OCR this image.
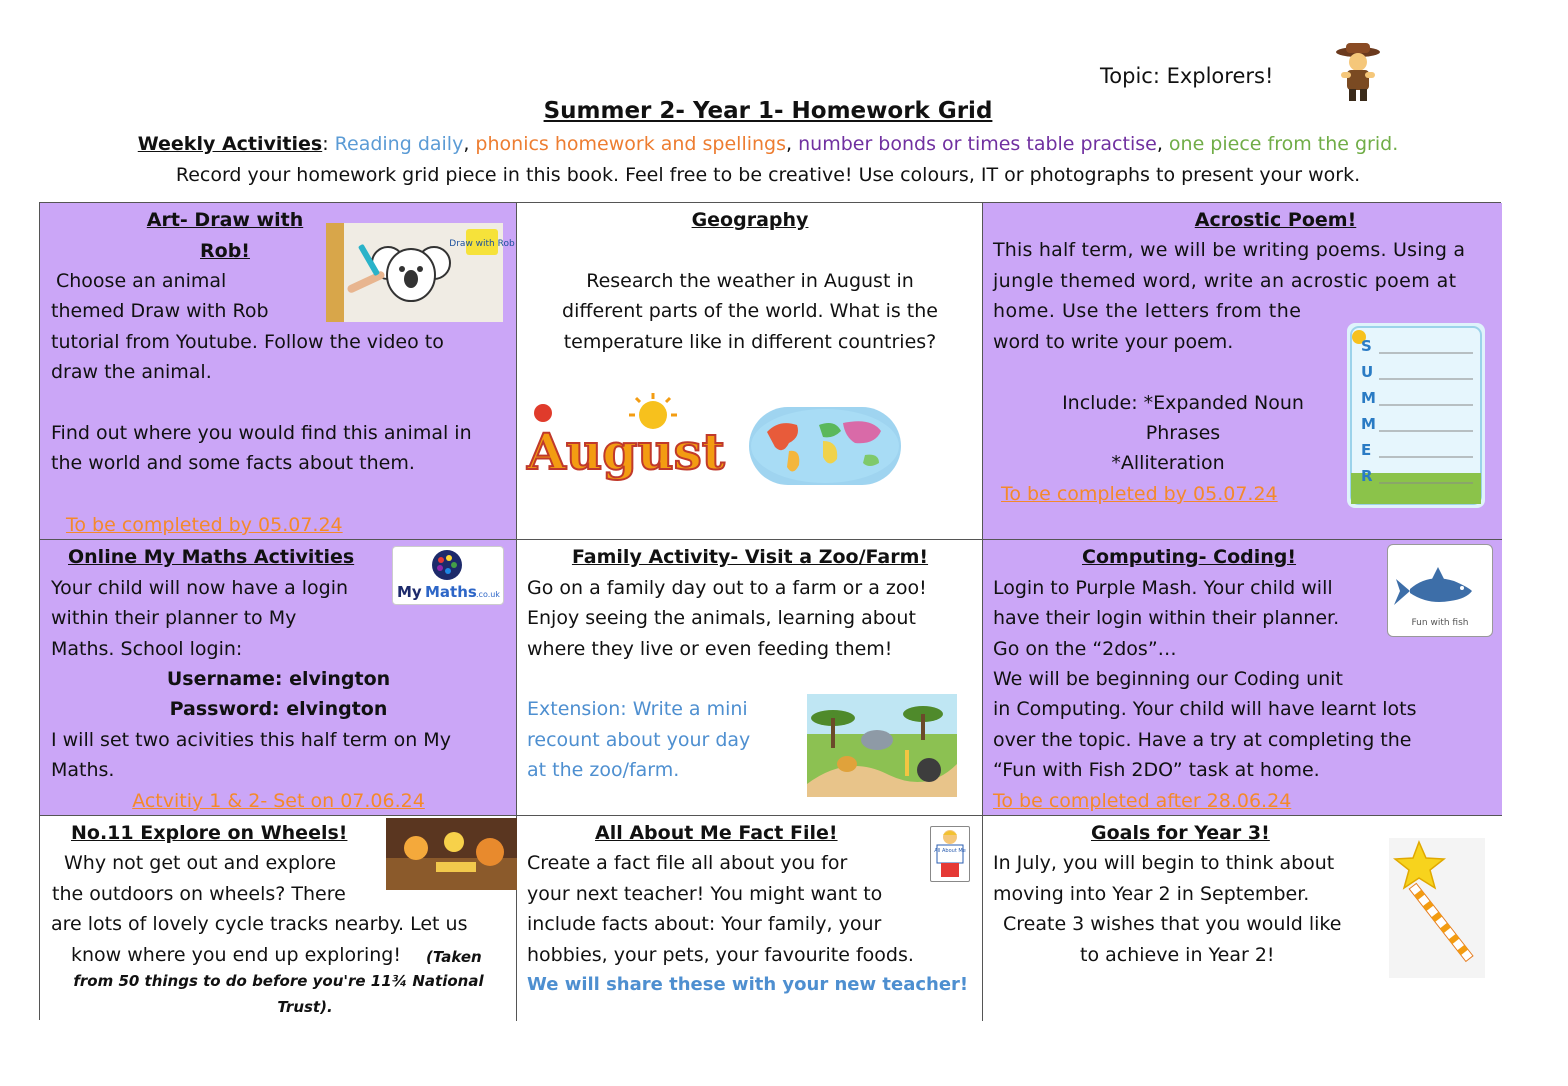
Topic: Explorers!
Summer 2- Year 1- Homework Grid
Weekly Activities: Reading daily, phonics homework and spellings, number bonds or times table practise, one piece from the grid.
Record your homework grid piece in this book. Feel free to be creative! Use colours, IT or photographs to present your work.
Art- Draw with
Rob!
Choose an animal
themed Draw with Rob
tutorial from Youtube. Follow the video to
draw the animal.
Find out where you would find this animal in
the world and some facts about them.
To be completed by 05.07.24
Draw with Rob
Geography
Research the weather in August in
different parts of the world. What is the
temperature like in different countries?
August
Acrostic Poem!
This half term, we will be writing poems. Using a
jungle themed word, write an acrostic poem at
home. Use the letters from the
word to write your poem.
Include: *Expanded Noun
Phrases
*Alliteration
To be completed by 05.07.24
S
U
M
M
E
R
Online My Maths Activities
Your child will now have a login
within their planner to My
Maths. School login:
Username: elvington
Password: elvington
I will set two acivities this half term on My
Maths.
Actvitiy 1 & 2- Set on 07.06.24
My Maths .co.uk
Family Activity- Visit a Zoo/Farm!
Go on a family day out to a farm or a zoo!
Enjoy seeing the animals, learning about
where they live or even feeding them!
Extension: Write a mini
recount about your day
at the zoo/farm.
Computing- Coding!
Login to Purple Mash. Your child will
have their login within their planner.
Go on the “2dos”…
We will be beginning our Coding unit
in Computing. Your child will have learnt lots
over the topic. Have a try at completing the
“Fun with Fish 2DO” task at home.
To be completed after 28.06.24
Fun with fish
No.11 Explore on Wheels!
Why not get out and explore
the outdoors on wheels? There
are lots of lovely cycle tracks nearby. Let us
know where you end up exploring! (Taken
from 50 things to do before you're 11¾ National
Trust).
All About Me Fact File!
Create a fact file all about you for
your next teacher! You might want to
include facts about: Your family, your
hobbies, your pets, your favourite foods.
We will share these with your new teacher!
All About Me
Goals for Year 3!
In July, you will begin to think about
moving into Year 2 in September.
Create 3 wishes that you would like
to achieve in Year 2!
